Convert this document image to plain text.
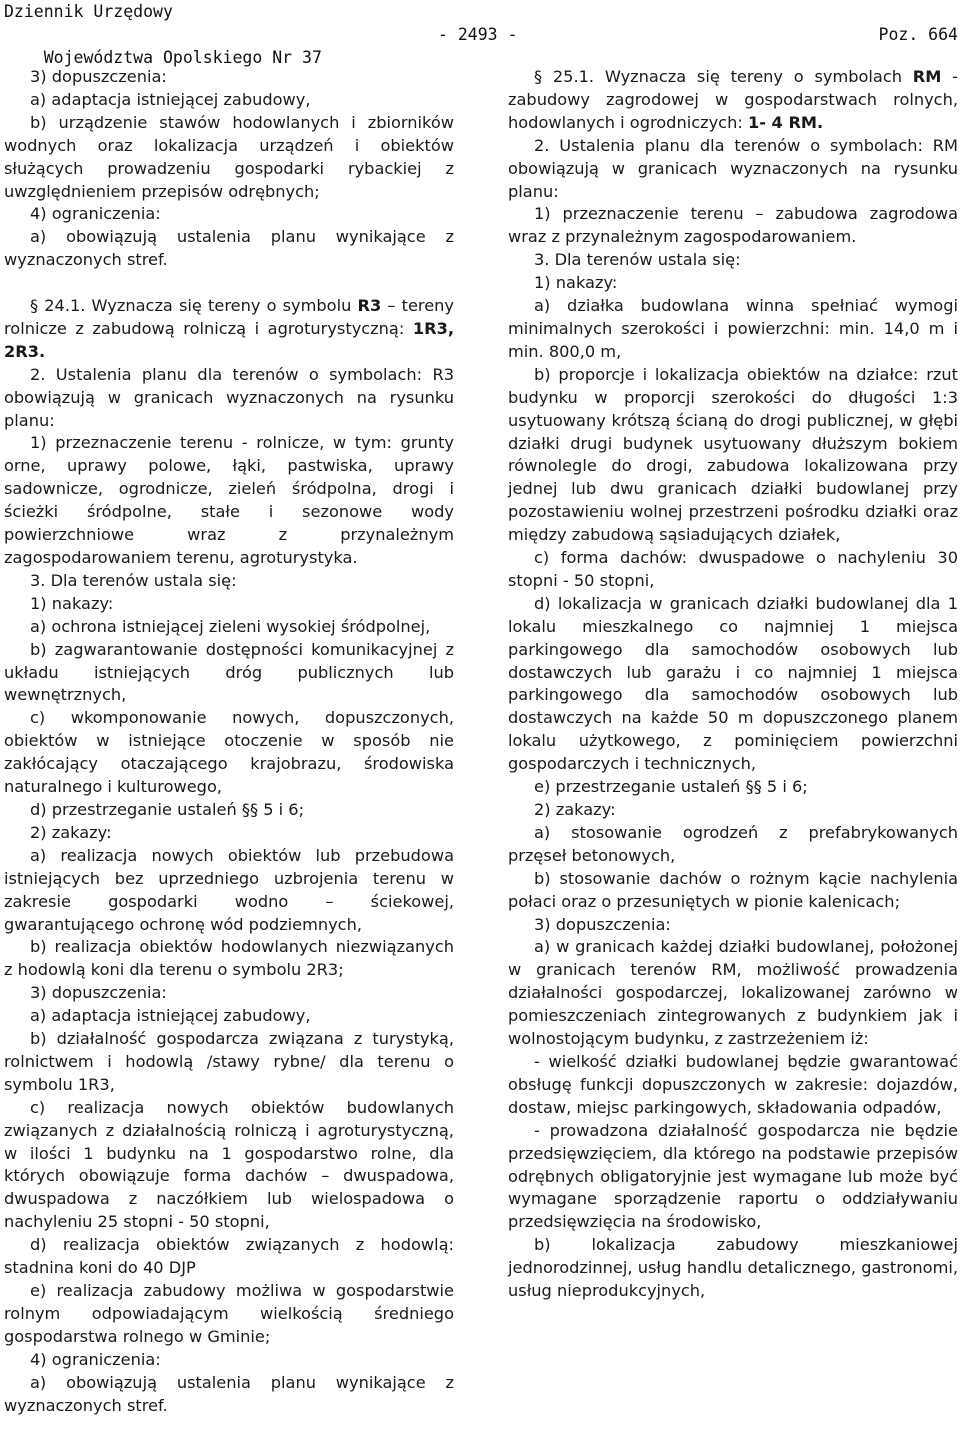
Dziennik Urzędowy

Województwa Opolskiego Nr 37

- 2493 -

	Poz. 664

3) dopuszczenia:

a) adaptacja istniejącej zabudowy,

b) urządzenie stawów hodowlanych i zbiorników wodnych oraz lokalizacja urządzeń i obiektów służących prowadzeniu gospodarki rybackiej z uwzględnieniem przepisów odrębnych;

4) ograniczenia:

a) obowiązują ustalenia planu wynikające z wyznaczonych stref.

§ 24.1. Wyznacza się tereny o symbolu R3 – tereny rolnicze z zabudową rolniczą i agroturystyczną: 1R3, 2R3.

2. Ustalenia planu dla terenów o symbolach: R3 obowiązują w granicach wyznaczonych na rysunku planu:

1) przeznaczenie terenu - rolnicze, w tym: grunty orne, uprawy polowe, łąki, pastwiska, uprawy sadownicze, ogrodnicze, zieleń śródpolna, drogi i ścieżki śródpolne, stałe i sezonowe wody powierzchniowe wraz z przynależnym zagospodarowaniem terenu, agroturystyka.

3. Dla terenów ustala się:

1) nakazy:

a) ochrona istniejącej zieleni wysokiej śródpolnej,

b) zagwarantowanie dostępności komunikacyjnej z układu istniejących dróg publicznych lub wewnętrznych,

c) wkomponowanie nowych, dopuszczonych, obiektów w istniejące otoczenie w sposób nie zakłócający otaczającego krajobrazu, środowiska naturalnego i kulturowego,

d) przestrzeganie ustaleń §§ 5 i 6;

2) zakazy:

a) realizacja nowych obiektów lub przebudowa istniejących bez uprzedniego uzbrojenia terenu w zakresie gospodarki wodno – ściekowej, gwarantującego ochronę wód podziemnych,

b) realizacja obiektów hodowlanych niezwiązanych z hodowlą koni dla terenu o symbolu 2R3;

3) dopuszczenia:

a) adaptacja istniejącej zabudowy,

b) działalność gospodarcza związana z turystyką, rolnictwem i hodowlą /stawy rybne/ dla terenu o symbolu 1R3,

c) realizacja nowych obiektów budowlanych związanych z działalnością rolniczą i agroturystyczną, w ilości 1 budynku na 1 gospodarstwo rolne, dla których obowiązuje forma dachów – dwuspadowa, dwuspadowa z naczółkiem lub wielospadowa o nachyleniu 25 stopni - 50 stopni,

d) realizacja obiektów związanych z hodowlą: stadnina koni do 40 DJP

e) realizacja zabudowy możliwa w gospodarstwie rolnym odpowiadającym wielkością średniego gospodarstwa rolnego w Gminie;

4) ograniczenia:

a) obowiązują ustalenia planu wynikające z wyznaczonych stref.

§ 25.1. Wyznacza się tereny o symbolach RM - zabudowy zagrodowej w gospodarstwach rolnych, hodowlanych i ogrodniczych: 1- 4 RM.

2. Ustalenia planu dla terenów o symbolach: RM obowiązują w granicach wyznaczonych na rysunku planu:

1) przeznaczenie terenu – zabudowa zagrodowa wraz z przynależnym zagospodarowaniem.

3. Dla terenów ustala się:

1) nakazy:

a) działka budowlana winna spełniać wymogi minimalnych szerokości i powierzchni: min. 14,0 m i min. 800,0 m,

b) proporcje i lokalizacja obiektów na działce: rzut budynku w proporcji szerokości do długości 1:3 usytuowany krótszą ścianą do drogi publicznej, w głębi działki drugi budynek usytuowany dłuższym bokiem równolegle do drogi, zabudowa lokalizowana przy jednej lub dwu granicach działki budowlanej przy pozostawieniu wolnej przestrzeni pośrodku działki oraz między zabudową sąsiadujących działek,

c) forma dachów: dwuspadowe o nachyleniu 30 stopni - 50 stopni,

d) lokalizacja w granicach działki budowlanej dla 1 lokalu mieszkalnego co najmniej 1 miejsca parkingowego dla samochodów osobowych lub dostawczych lub garażu i co najmniej 1 miejsca parkingowego dla samochodów osobowych lub dostawczych na każde 50 m dopuszczonego planem lokalu użytkowego, z pominięciem powierzchni gospodarczych i technicznych,

e) przestrzeganie ustaleń §§ 5 i 6;

2) zakazy:

a) stosowanie ogrodzeń z prefabrykowanych przęseł betonowych,

b) stosowanie dachów o rożnym kącie nachylenia połaci oraz o przesuniętych w pionie kalenicach;

3) dopuszczenia:

a) w granicach każdej działki budowlanej, położonej w granicach terenów RM, możliwość prowadzenia działalności gospodarczej, lokalizowanej zarówno w pomieszczeniach zintegrowanych z budynkiem jak i wolnostojącym budynku, z zastrzeżeniem iż:

- wielkość działki budowlanej będzie gwarantować obsługę funkcji dopuszczonych w zakresie: dojazdów, dostaw, miejsc parkingowych, składowania odpadów,

- prowadzona działalność gospodarcza nie będzie przedsięwzięciem, dla którego na podstawie przepisów odrębnych obligatoryjnie jest wymagane lub może być wymagane sporządzenie raportu o oddziaływaniu przedsięwzięcia na środowisko,

b) lokalizacja zabudowy mieszkaniowej jednorodzinnej, usług handlu detalicznego, gastronomi, usług nieprodukcyjnych,
